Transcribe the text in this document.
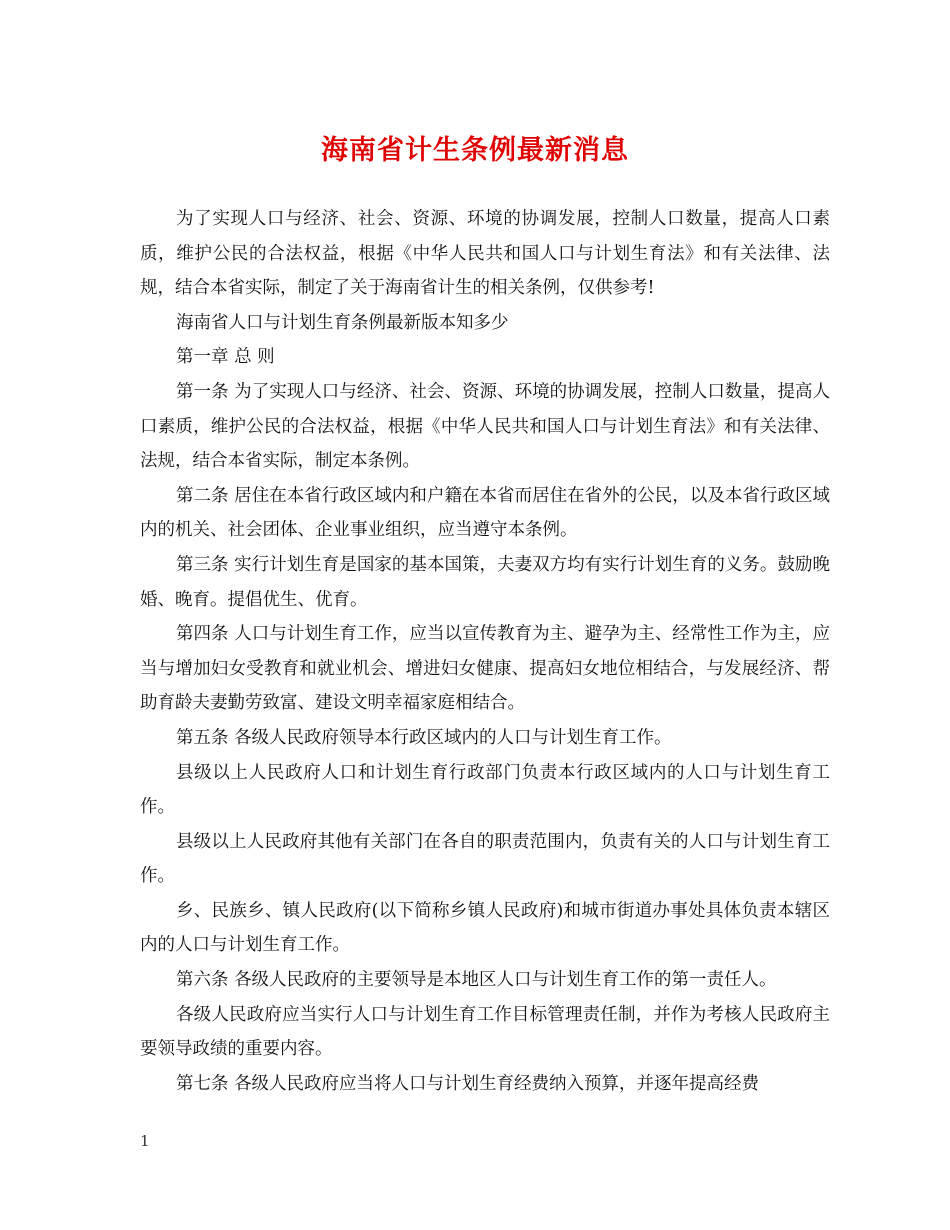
海南省计生条例最新消息

为了实现人口与经济、社会、资源、环境的协调发展，控制人口数量，提高人口素质，维护公民的合法权益，根据《中华人民共和国人口与计划生育法》和有关法律、法规，结合本省实际，制定了关于海南省计生的相关条例，仅供参考!

海南省人口与计划生育条例最新版本知多少

第一章 总 则

第一条 为了实现人口与经济、社会、资源、环境的协调发展，控制人口数量，提高人口素质，维护公民的合法权益，根据《中华人民共和国人口与计划生育法》和有关法律、法规，结合本省实际，制定本条例。

第二条 居住在本省行政区域内和户籍在本省而居住在省外的公民，以及本省行政区域内的机关、社会团体、企业事业组织，应当遵守本条例。

第三条 实行计划生育是国家的基本国策，夫妻双方均有实行计划生育的义务。鼓励晚婚、晚育。提倡优生、优育。

第四条 人口与计划生育工作，应当以宣传教育为主、避孕为主、经常性工作为主，应当与增加妇女受教育和就业机会、增进妇女健康、提高妇女地位相结合，与发展经济、帮助育龄夫妻勤劳致富、建设文明幸福家庭相结合。

第五条 各级人民政府领导本行政区域内的人口与计划生育工作。

县级以上人民政府人口和计划生育行政部门负责本行政区域内的人口与计划生育工作。

县级以上人民政府其他有关部门在各自的职责范围内，负责有关的人口与计划生育工作。

乡、民族乡、镇人民政府(以下简称乡镇人民政府)和城市街道办事处具体负责本辖区内的人口与计划生育工作。

第六条 各级人民政府的主要领导是本地区人口与计划生育工作的第一责任人。

各级人民政府应当实行人口与计划生育工作目标管理责任制，并作为考核人民政府主要领导政绩的重要内容。

第七条 各级人民政府应当将人口与计划生育经费纳入预算，并逐年提高经费

1
